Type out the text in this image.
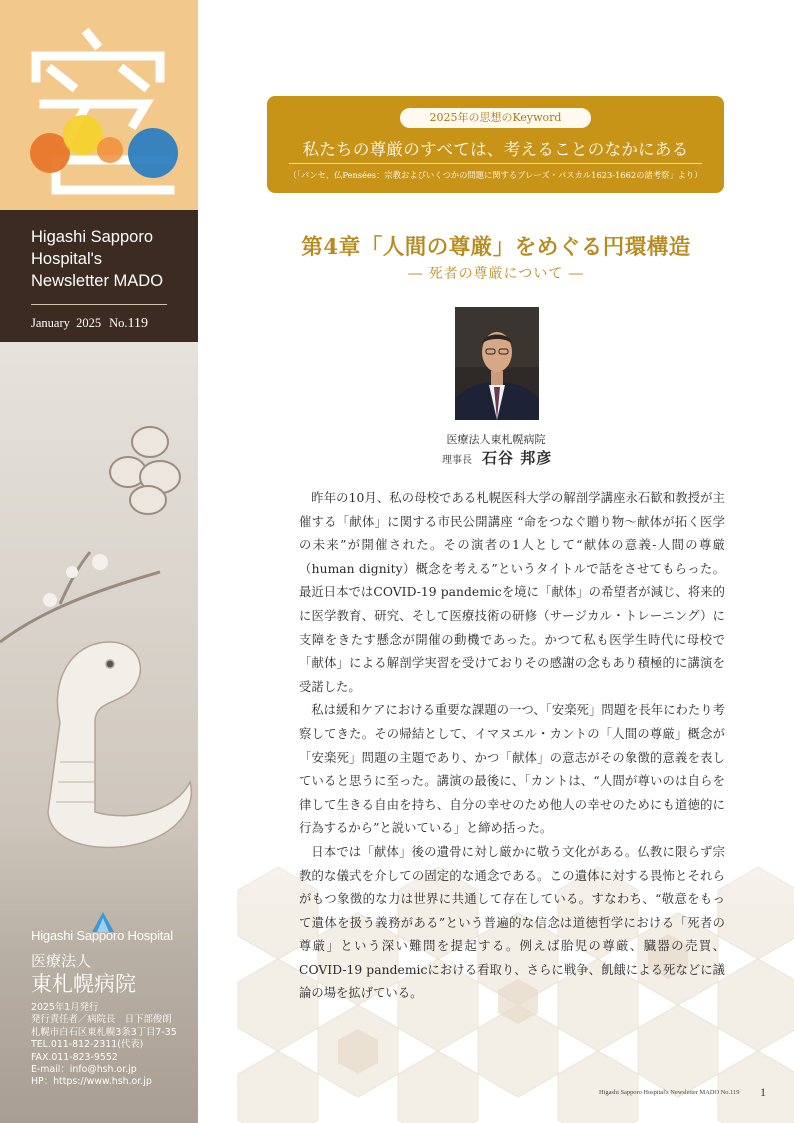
Higashi Sapporo
Hospital's
Newsletter MADO
January 2025 No.119
Higashi Sapporo Hospital
医療法人
東札幌病院
2025年1月発行
発行責任者／病院長　日下部俊朗
札幌市白石区東札幌3条3丁目7-35
TEL.011-812-2311(代表)
FAX.011-823-9552
E-mail：info@hsh.or.jp
HP：https://www.hsh.or.jp
2025年の思想のKeyword
私たちの尊厳のすべては、考えることのなかにある
（「パンセ、仏Pensées：宗教およびいくつかの問題に関するブレーズ・パスカル1623-1662の諸考察」より）
第4章「人間の尊厳」をめぐる円環構造
― 死者の尊厳について ―
医療法人東札幌病院
理事長 石谷 邦彦

昨年の10月、私の母校である札幌医科大学の解剖学講座永石歓和教授が主催する「献体」に関する市民公開講座 “命をつなぐ贈り物～献体が拓く医学の未来”が開催された。その演者の1人として“献体の意義-人間の尊厳（human dignity）概念を考える”というタイトルで話をさせてもらった。最近日本ではCOVID-19 pandemicを境に「献体」の希望者が減じ、将来的に医学教育、研究、そして医療技術の研修（サージカル・トレーニング）に支障をきたす懸念が開催の動機であった。かつて私も医学生時代に母校で「献体」による解剖学実習を受けておりその感謝の念もあり積極的に講演を受諾した。

私は緩和ケアにおける重要な課題の一つ、「安楽死」問題を長年にわたり考察してきた。その帰結として、イマヌエル・カントの「人間の尊厳」概念が「安楽死」問題の主題であり、かつ「献体」の意志がその象徴的意義を表していると思うに至った。講演の最後に、「カントは、“人間が尊いのは自らを律して生きる自由を持ち、自分の幸せのため他人の幸せのためにも道徳的に行為するから”と説いている」と締め括った。

日本では「献体」後の遺骨に対し厳かに敬う文化がある。仏教に限らず宗教的な儀式を介しての固定的な通念である。この遺体に対する畏怖とそれらがもつ象徴的な力は世界に共通して存在している。すなわち、“敬意をもって遺体を扱う義務がある”という普遍的な信念は道徳哲学における「死者の尊厳」という深い難問を提起する。例えば胎児の尊厳、臓器の売買、COVID-19 pandemicにおける看取り、さらに戦争、飢餓による死などに議論の場を拡げている。

Higashi Sapporo Hospital's Newsletter MADO No.119 1
